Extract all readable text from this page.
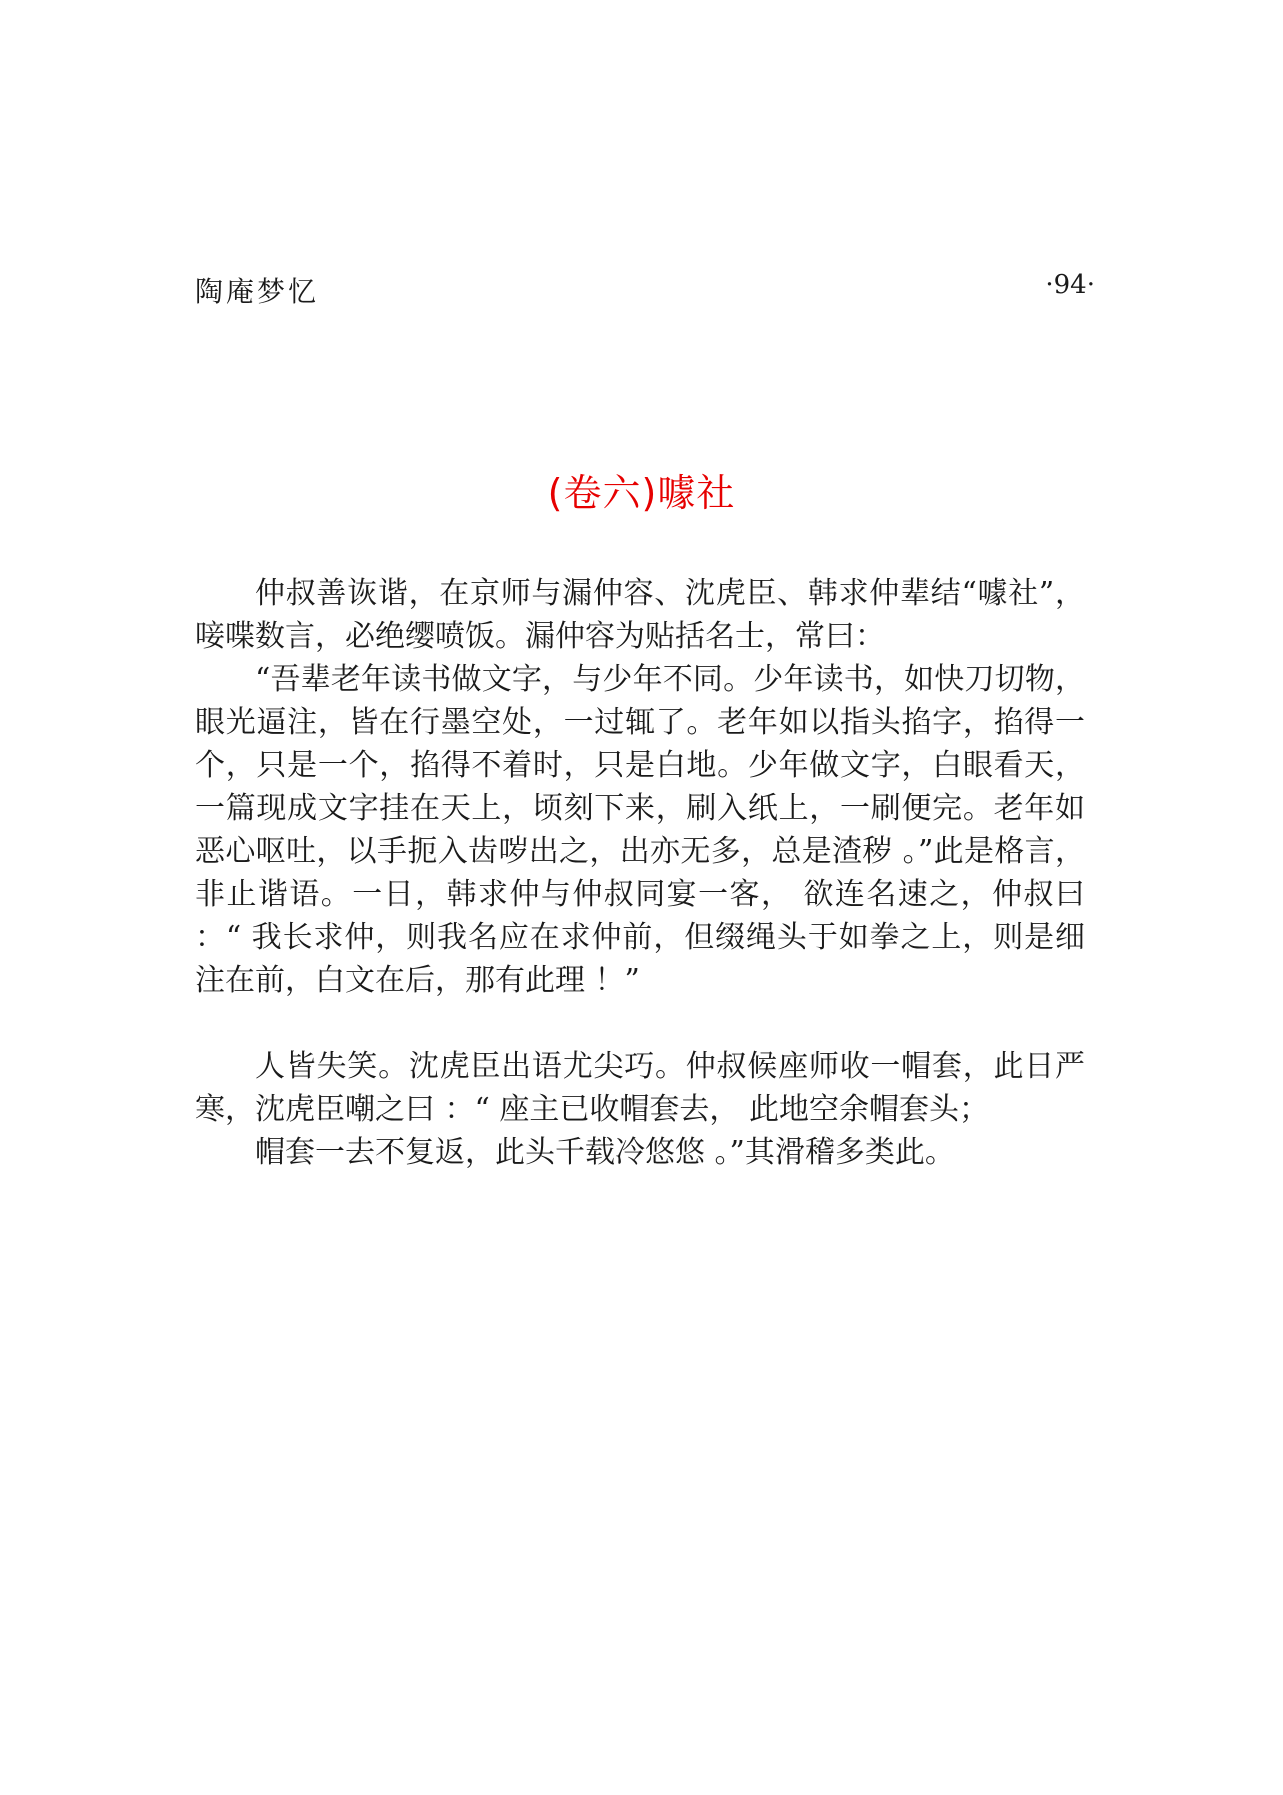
陶庵梦忆	·94·
(卷六)噱社

仲叔善诙谐，在京师与漏仲容、沈虎臣、韩求仲辈结“噱社”，唼喋数言，必绝缨喷饭。漏仲容为贴括名士，常曰：

“吾辈老年读书做文字，与少年不同。少年读书，如快刀切物，眼光逼注，皆在行墨空处，一过辄了。老年如以指头掐字，掐得一个，只是一个，掐得不着时，只是白地。少年做文字，白眼看天，一篇现成文字挂在天上，顷刻下来，刷入纸上，一刷便完。老年如恶心呕吐，以手扼入齿哕出之，出亦无多，总是渣秽 。”此是格言，非止谐语。一日，韩求仲与仲叔同宴一客， 欲连名速之，仲叔曰 ：“ 我长求仲，则我名应在求仲前，但缀绳头于如拳之上，则是细注在前，白文在后，那有此理 ！”

人皆失笑。沈虎臣出语尤尖巧。仲叔候座师收一帽套，此日严寒，沈虎臣嘲之曰 ：“ 座主已收帽套去， 此地空余帽套头；

帽套一去不复返，此头千载冷悠悠 。”其滑稽多类此。
